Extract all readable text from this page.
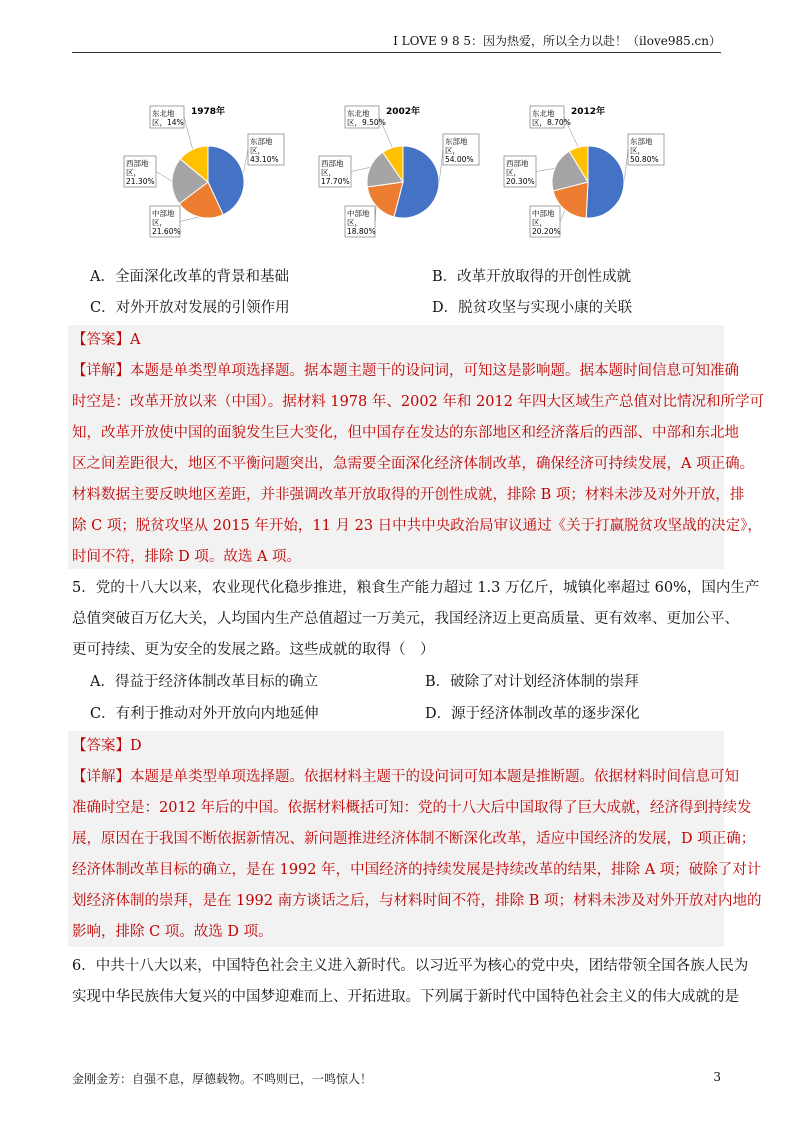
I LOVE 9 8 5：因为热爱，所以全力以赴！（ilove985.cn）
1978年
东部地
区，
43.10%
中部地
区，
21.60%
西部地
区，
21.30%
东北地
区，14%
2002年
东部地
区，
54.00%
中部地
区，
18.80%
西部地
区，
17.70%
东北地
区，9.50%
2012年
东部地
区，
50.80%
中部地
区，
20.20%
西部地
区，
20.30%
东北地
区，8.70%
A．全面深化改革的背景和基础	B．改革开放取得的开创性成就
C．对外开放对发展的引领作用	D．脱贫攻坚与实现小康的关联
【答案】A
【详解】本题是单类型单项选择题。据本题主题干的设问词，可知这是影响题。据本题时间信息可知准确
时空是：改革开放以来（中国）。据材料 1978 年、2002 年和 2012 年四大区域生产总值对比情况和所学可
知，改革开放使中国的面貌发生巨大变化，但中国存在发达的东部地区和经济落后的西部、中部和东北地
区之间差距很大，地区不平衡问题突出，急需要全面深化经济体制改革，确保经济可持续发展，A 项正确。
材料数据主要反映地区差距，并非强调改革开放取得的开创性成就，排除 B 项；材料未涉及对外开放，排
除 C 项；脱贫攻坚从 2015 年开始，11 月 23 日中共中央政治局审议通过《关于打赢脱贫攻坚战的决定》，
时间不符，排除 D 项。故选 A 项。
5．党的十八大以来，农业现代化稳步推进，粮食生产能力超过 1.3 万亿斤，城镇化率超过 60%，国内生产
总值突破百万亿大关，人均国内生产总值超过一万美元，我国经济迈上更高质量、更有效率、更加公平、
更可持续、更为安全的发展之路。这些成就的取得（　）
A．得益于经济体制改革目标的确立	B．破除了对计划经济体制的崇拜
C．有利于推动对外开放向内地延伸	D．源于经济体制改革的逐步深化
【答案】D
【详解】本题是单类型单项选择题。依据材料主题干的设问词可知本题是推断题。依据材料时间信息可知
准确时空是：2012 年后的中国。依据材料概括可知：党的十八大后中国取得了巨大成就，经济得到持续发
展，原因在于我国不断依据新情况、新问题推进经济体制不断深化改革，适应中国经济的发展，D 项正确；
经济体制改革目标的确立，是在 1992 年，中国经济的持续发展是持续改革的结果，排除 A 项；破除了对计
划经济体制的崇拜，是在 1992 南方谈话之后，与材料时间不符，排除 B 项；材料未涉及对外开放对内地的
影响，排除 C 项。故选 D 项。
6．中共十八大以来，中国特色社会主义进入新时代。以习近平为核心的党中央，团结带领全国各族人民为
实现中华民族伟大复兴的中国梦迎难而上、开拓进取。下列属于新时代中国特色社会主义的伟大成就的是
金刚金芳：自强不息，厚德载物。不鸣则已，一鸣惊人！	3
